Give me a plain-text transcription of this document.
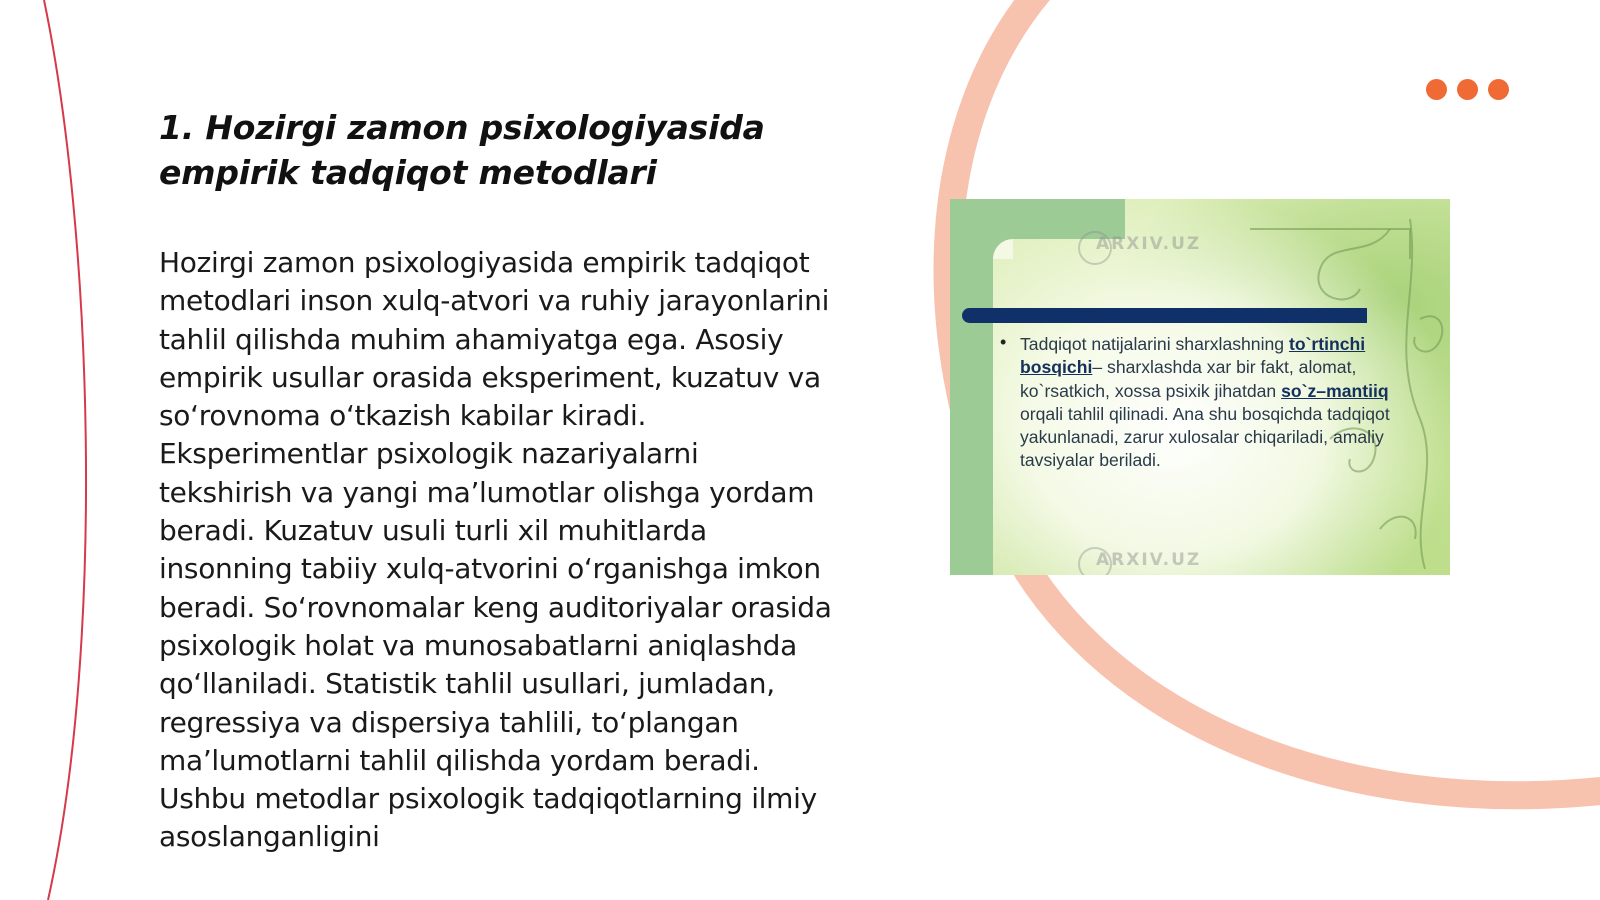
1. Hozirgi zamon psixologiyasida empirik tadqiqot metodlari

Hozirgi zamon psixologiyasida empirik tadqiqot metodlari inson xulq-atvori va ruhiy jarayonlarini tahlil qilishda muhim ahamiyatga ega. Asosiy empirik usullar orasida eksperiment, kuzatuv va so‘rovnoma o‘tkazish kabilar kiradi. Eksperimentlar psixologik nazariyalarni tekshirish va yangi ma’lumotlar olishga yordam beradi. Kuzatuv usuli turli xil muhitlarda insonning tabiiy xulq-atvorini o‘rganishga imkon beradi. So‘rovnomalar keng auditoriyalar orasida psixologik holat va munosabatlarni aniqlashda qo‘llaniladi. Statistik tahlil usullari, jumladan, regressiya va dispersiya tahlili, to‘plangan ma’lumotlarni tahlil qilishda yordam beradi. Ushbu metodlar psixologik tadqiqotlarning ilmiy asoslanganligini

ARXIV.UZ
ARXIV.UZ

• Tadqiqot natijalarini sharxlashning to`rtinchi bosqichi– sharxlashda xar bir fakt, alomat, ko`rsatkich, xossa psixik jihatdan so`z–mantiiq orqali tahlil qilinadi. Ana shu bosqichda tadqiqot yakunlanadi, zarur xulosalar chiqariladi, amaliy tavsiyalar beriladi.
